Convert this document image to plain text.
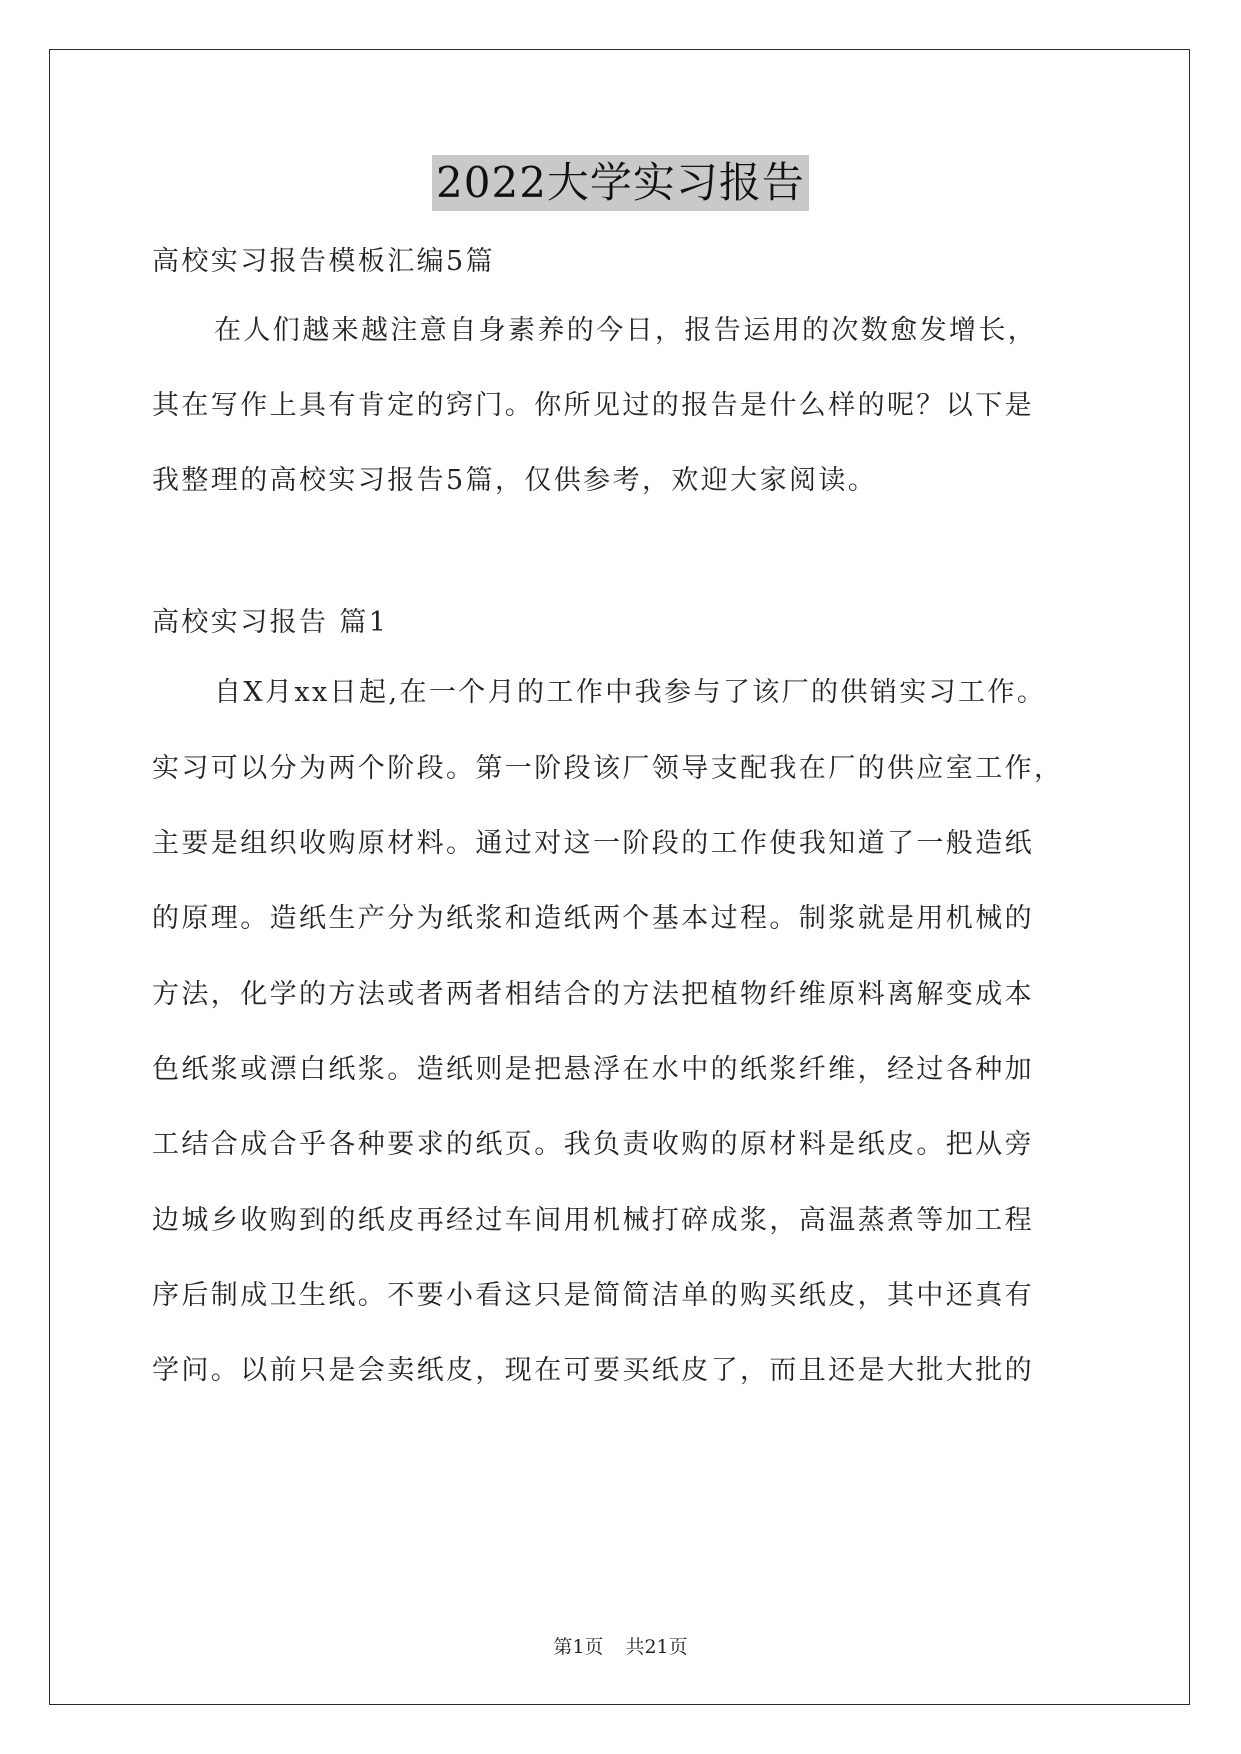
2022大学实习报告
高校实习报告模板汇编5篇
在人们越来越注意自身素养的今日，报告运用的次数愈发增长，
其在写作上具有肯定的窍门。你所见过的报告是什么样的呢？以下是
我整理的高校实习报告5篇，仅供参考，欢迎大家阅读。
高校实习报告 篇1
自X月xx日起,在一个月的工作中我参与了该厂的供销实习工作。
实习可以分为两个阶段。第一阶段该厂领导支配我在厂的供应室工作，
主要是组织收购原材料。通过对这一阶段的工作使我知道了一般造纸
的原理。造纸生产分为纸浆和造纸两个基本过程。制浆就是用机械的
方法，化学的方法或者两者相结合的方法把植物纤维原料离解变成本
色纸浆或漂白纸浆。造纸则是把悬浮在水中的纸浆纤维，经过各种加
工结合成合乎各种要求的纸页。我负责收购的原材料是纸皮。把从旁
边城乡收购到的纸皮再经过车间用机械打碎成浆，高温蒸煮等加工程
序后制成卫生纸。不要小看这只是简简洁单的购买纸皮，其中还真有
学问。以前只是会卖纸皮，现在可要买纸皮了，而且还是大批大批的
第1页 共21页
